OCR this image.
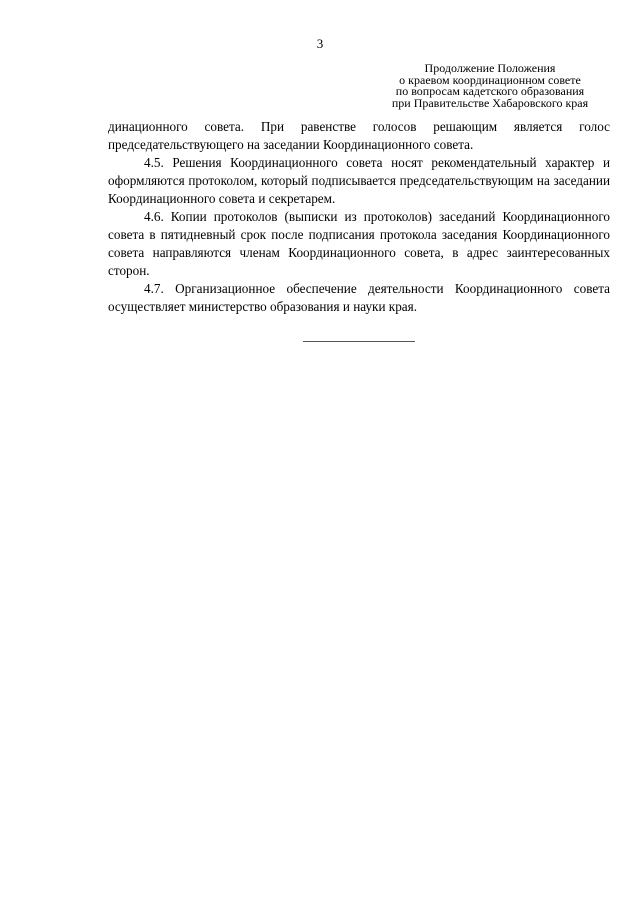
3
Продолжение Положения
о краевом координационном совете
по вопросам кадетского образования
при Правительстве Хабаровского края

динационного совета. При равенстве голосов решающим является голос председательствующего на заседании Координационного совета.

4.5. Решения Координационного совета носят рекомендательный характер и оформляются протоколом, который подписывается председательствующим на заседании Координационного совета и секретарем.

4.6. Копии протоколов (выписки из протоколов) заседаний Координационного совета в пятидневный срок после подписания протокола заседания Координационного совета направляются членам Координационного совета, в адрес заинтересованных сторон.

4.7. Организационное обеспечение деятельности Координационного совета осуществляет министерство образования и науки края.
